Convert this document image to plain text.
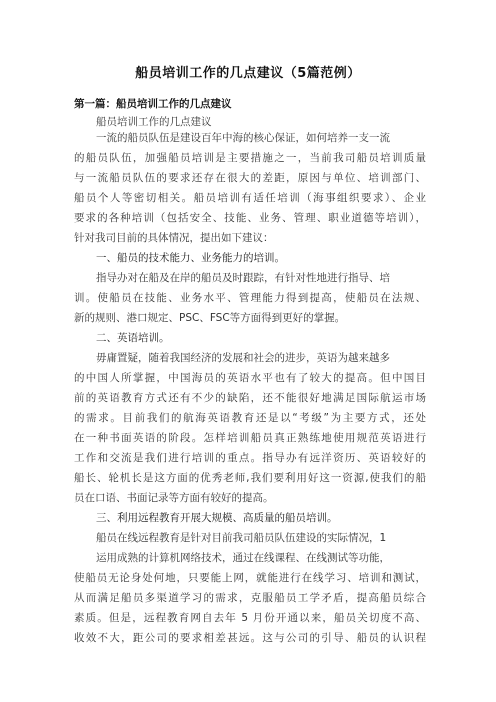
船员培训工作的几点建议（5篇范例）
第一篇：船员培训工作的几点建议
船员培训工作的几点建议
一流的船员队伍是建设百年中海的核心保证，如何培养一支一流
的船员队伍，加强船员培训是主要措施之一，当前我司船员培训质量
与一流船员队伍的要求还存在很大的差距，原因与单位、培训部门、
船员个人等密切相关。船员培训有适任培训（海事组织要求）、企业
要求的各种培训（包括安全、技能、业务、管理、职业道德等培训），
针对我司目前的具体情况，提出如下建议：
一、船员的技术能力、业务能力的培训。
指导办对在船及在岸的船员及时跟踪，有针对性地进行指导、培
训。使船员在技能、业务水平、管理能力得到提高，使船员在法规、
新的规则、港口规定、PSC、FSC等方面得到更好的掌握。
二、英语培训。
毋庸置疑，随着我国经济的发展和社会的进步，英语为越来越多
的中国人所掌握，中国海员的英语水平也有了较大的提高。但中国目
前的英语教育方式还有不少的缺陷，还不能很好地满足国际航运市场
的需求。目前我们的航海英语教育还是以“考级”为主要方式，还处
在一种书面英语的阶段。怎样培训船员真正熟练地使用规范英语进行
工作和交流是我们进行培训的重点。指导办有远洋资历、英语较好的
船长、轮机长是这方面的优秀老师,我们要利用好这一资源,使我们的船
员在口语、书面记录等方面有较好的提高。
三、利用远程教育开展大规模、高质量的船员培训。
船员在线远程教育是针对目前我司船员队伍建设的实际情况，1
运用成熟的计算机网络技术，通过在线课程、在线测试等功能，
使船员无论身处何地，只要能上网，就能进行在线学习、培训和测试，
从而满足船员多渠道学习的需求，克服船员工学矛盾，提高船员综合
素质。但是，远程教育网自去年 5 月份开通以来，船员关切度不高、
收效不大，距公司的要求相差甚远。这与公司的引导、船员的认识程
